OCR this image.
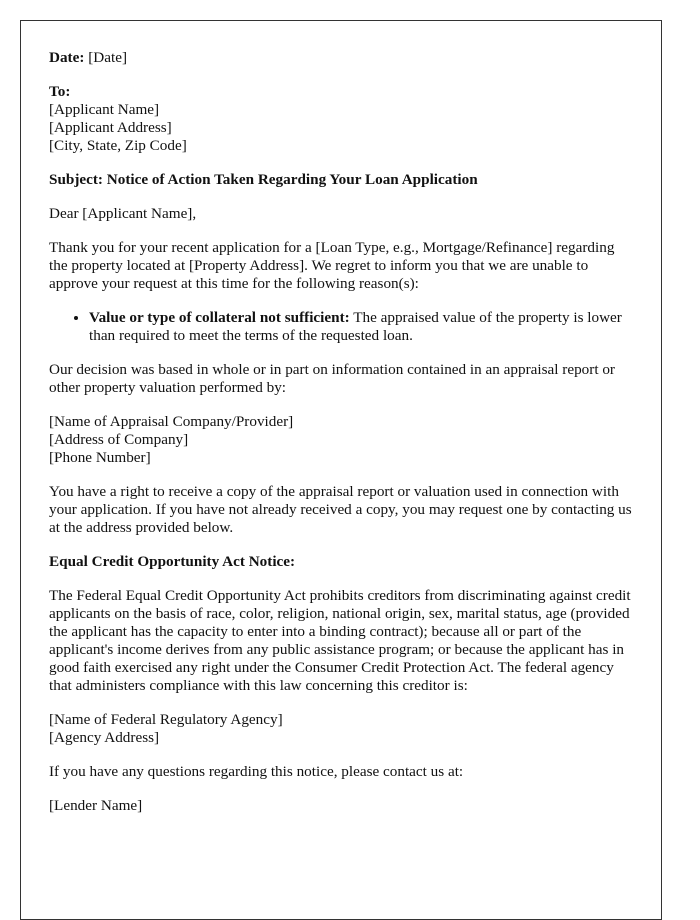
Date: [Date]

To:
[Applicant Name]
[Applicant Address]
[City, State, Zip Code]

Subject: Notice of Action Taken Regarding Your Loan Application

Dear [Applicant Name],

Thank you for your recent application for a [Loan Type, e.g., Mortgage/Refinance] regarding the property located at [Property Address]. We regret to inform you that we are unable to approve your request at this time for the following reason(s):

• Value or type of collateral not sufficient: The appraised value of the property is lower than required to meet the terms of the requested loan.

Our decision was based in whole or in part on information contained in an appraisal report or other property valuation performed by:

[Name of Appraisal Company/Provider]
[Address of Company]
[Phone Number]

You have a right to receive a copy of the appraisal report or valuation used in connection with your application. If you have not already received a copy, you may request one by contacting us at the address provided below.

Equal Credit Opportunity Act Notice:

The Federal Equal Credit Opportunity Act prohibits creditors from discriminating against credit applicants on the basis of race, color, religion, national origin, sex, marital status, age (provided the applicant has the capacity to enter into a binding contract); because all or part of the applicant's income derives from any public assistance program; or because the applicant has in good faith exercised any right under the Consumer Credit Protection Act. The federal agency that administers compliance with this law concerning this creditor is:

[Name of Federal Regulatory Agency]
[Agency Address]

If you have any questions regarding this notice, please contact us at:

[Lender Name]
